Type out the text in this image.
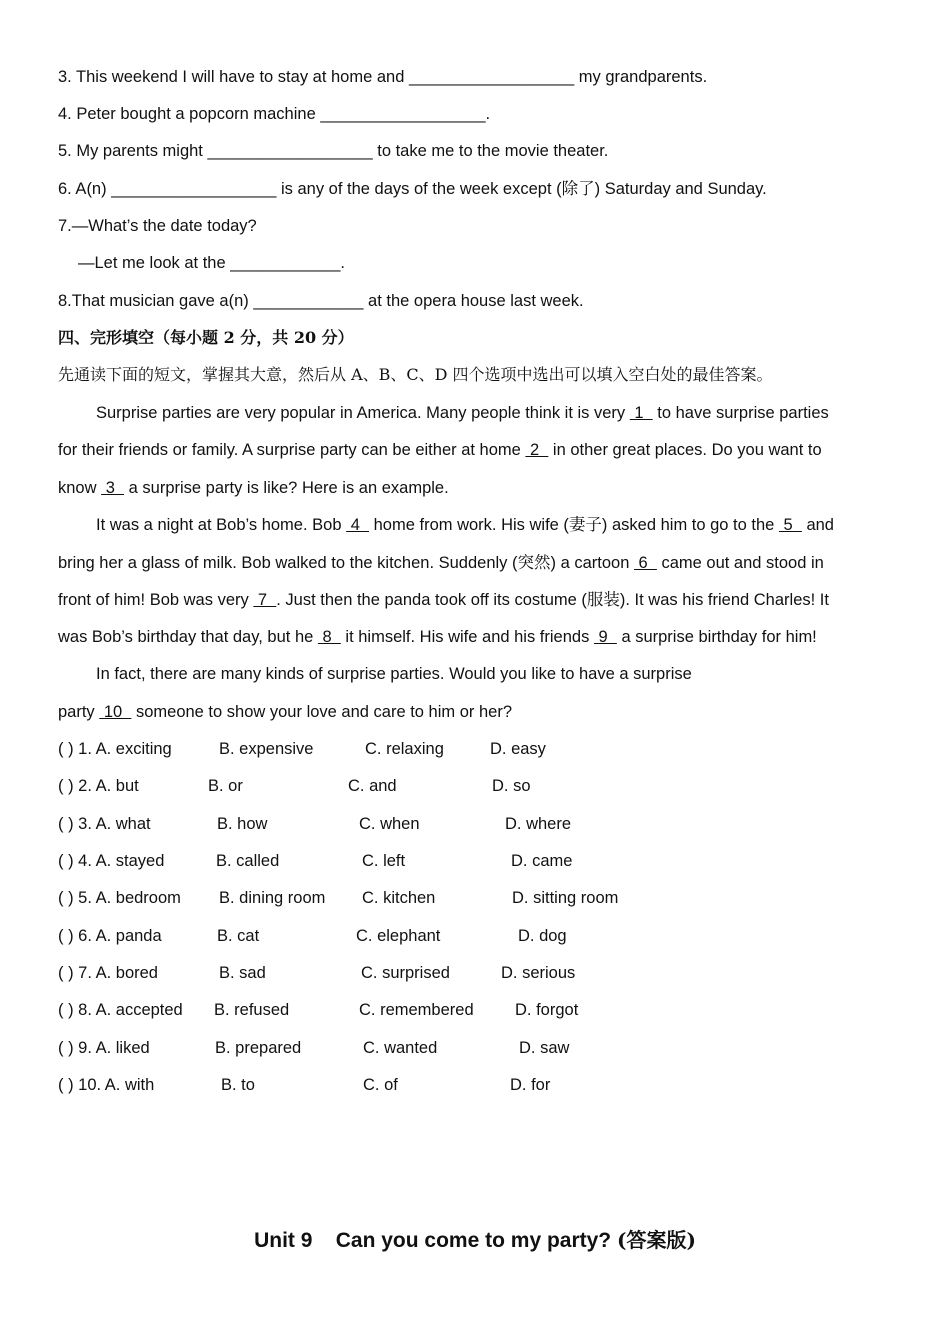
3. This weekend I will have to stay at home and __________________ my grandparents.
4. Peter bought a popcorn machine __________________.
5. My parents might __________________ to take me to the movie theater.
6. A(n) __________________ is any of the days of the week except (除了) Saturday and Sunday.
7.—What’s the date today?
—Let me look at the ____________.
8.That musician gave a(n) ____________ at the opera house last week.
四、完形填空（每小题 2 分，共 20 分）
先通读下面的短文，掌握其大意，然后从 A、B、C、D 四个选项中选出可以填入空白处的最佳答案。
Surprise parties are very popular in America. Many people think it is very  1   to have surprise parties
for their friends or family. A surprise party can be either at home  2   in other great places. Do you want to
know  3   a surprise party is like? Here is an example.
It was a night at Bob’s home. Bob  4   home from work. His wife (妻子) asked him to go to the  5   and
bring her a glass of milk. Bob walked to the kitchen. Suddenly (突然) a cartoon  6   came out and stood in
front of him! Bob was very  7  . Just then the panda took off its costume (服装). It was his friend Charles! It
was Bob’s birthday that day, but he  8   it himself. His wife and his friends  9   a surprise birthday for him!
In fact, there are many kinds of surprise parties. Would you like to have a surprise
party  10   someone to show your love and care to him or her?
( ) 1. A. exciting	B. expensive	C. relaxing	D. easy
( ) 2. A. but	B. or	C. and	D. so
( ) 3. A. what	B. how	C. when	D. where
( ) 4. A. stayed	B. called	C. left	D. came
( ) 5. A. bedroom B. dining room C. kitchen	D. sitting room
( ) 6. A. panda	B. cat	C. elephant	D. dog
( ) 7. A. bored	B. sad	C. surprised	D. serious
( ) 8. A. accepted B. refused	C. remembered	D. forgot
( ) 9. A. liked	B. prepared	C. wanted	D. saw
( ) 10. A. with	B. to	C. of	D. for
Unit 9    Can you come to my party? (答案版)
